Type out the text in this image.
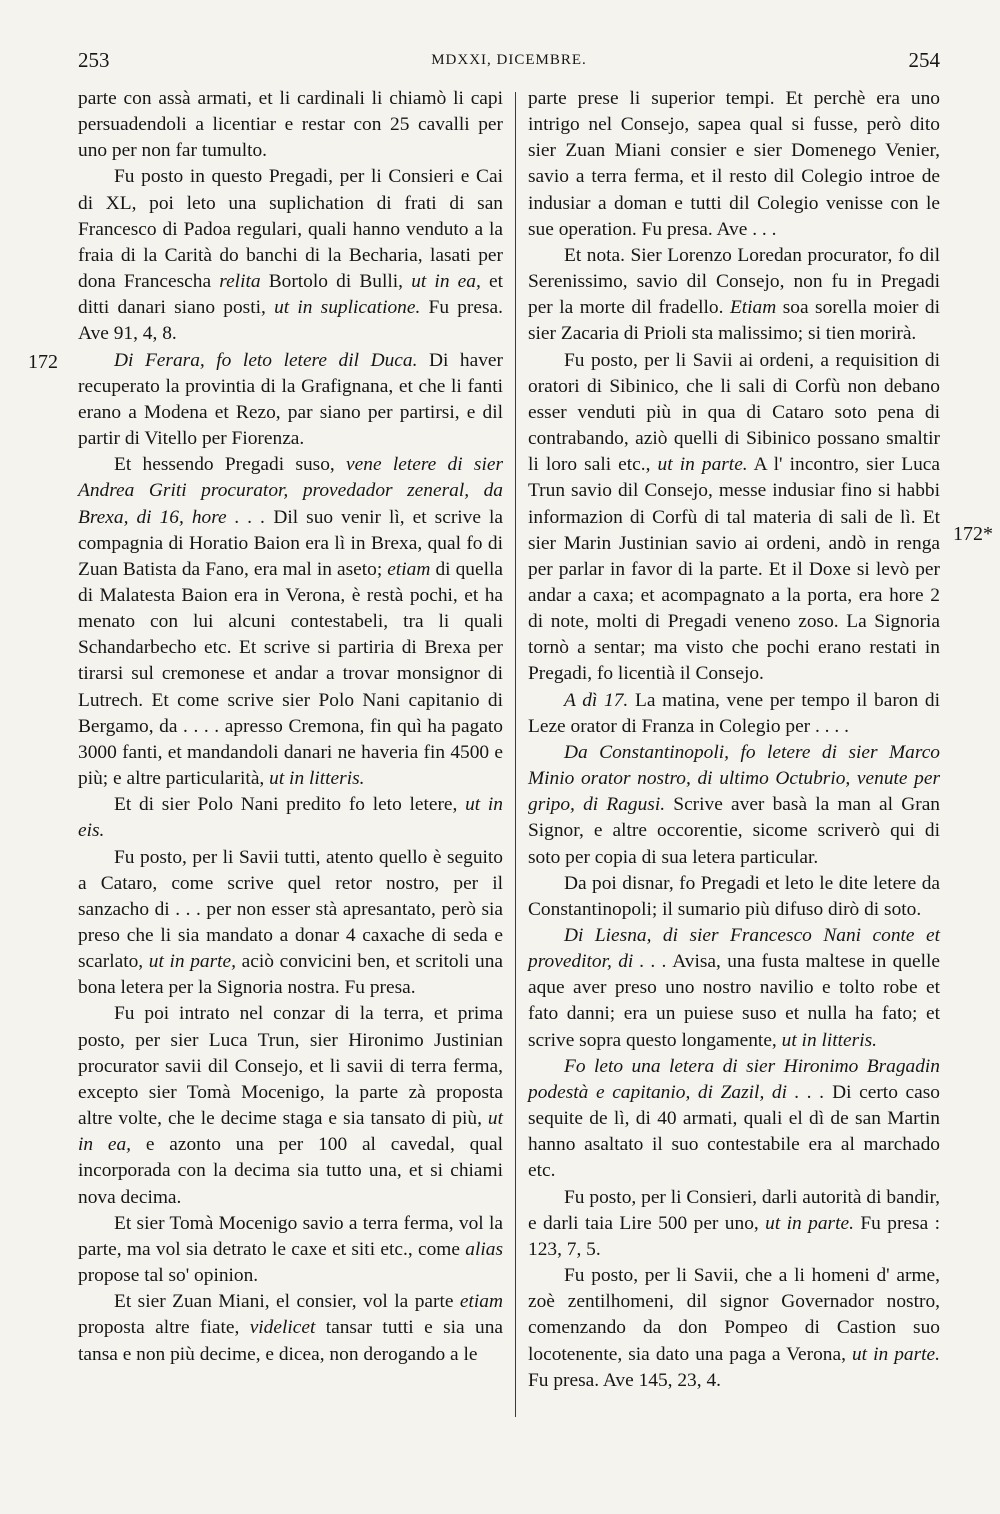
253	MDXXI, DICEMBRE.	254
172
172*

parte con assà armati, et li cardinali li chiamò li capi persuadendoli a licentiar e restar con 25 cavalli per uno per non far tumulto.

Fu posto in questo Pregadi, per li Consieri e Cai di XL, poi leto una suplichation di frati di san Francesco di Padoa regulari, quali hanno venduto a la fraia di la Carità do banchi di la Becharia, lasati per dona Franceschа relita Bortolo di Bulli, ut in ea, et ditti danari siano posti, ut in suplicatione. Fu presa. Ave 91, 4, 8.

Di Ferara, fo leto letere dil Duca. Di haver recuperato la provintia di la Grafignana, et che li fanti erano a Modena et Rezo, par siano per partirsi, e dil partir di Vitello per Fiorenza.

Et hessendo Pregadi suso, vene letere di sier Andrea Griti procurator, provedador zeneral, da Brexa, di 16, hore . . . Dil suo venir lì, et scrive la compagnia di Horatio Baion era lì in Brexa, qual fo di Zuan Batista da Fano, era mal in aseto; etiam di quella di Malatesta Baion era in Verona, è restà pochi, et ha menato con lui alcuni contestabeli, tra li quali Schandarbecho etc. Et scrive si partiria di Brexa per tirarsi sul cremonese et andar a trovar monsignor di Lutrech. Et come scrive sier Polo Nani capitanio di Bergamo, da . . . . apresso Cremona, fin quì ha pagato 3000 fanti, et mandandoli danari ne haveria fin 4500 e più; e altre particularità, ut in litteris.

Et di sier Polo Nani predito fo leto letere, ut in eis.

Fu posto, per li Savii tutti, atento quello è seguito a Cataro, come scrive quel retor nostro, per il sanzacho di . . . per non esser stà apresantato, però sia preso che li sia mandato a donar 4 caxache di seda e scarlato, ut in parte, aciò convicini ben, et scritoli una bona letera per la Signoria nostra. Fu presa.

Fu poi intrato nel conzar di la terra, et prima posto, per sier Luca Trun, sier Hironimo Justinian procurator savii dil Consejo, et li savii di terra ferma, excepto sier Tomà Mocenigo, la parte zà proposta altre volte, che le decime staga e sia tansato di più, ut in ea, e azonto una per 100 al cavedal, qual incorporada con la decima sia tutto una, et si chiami nova decima.

Et sier Tomà Mocenigo savio a terra ferma, vol la parte, ma vol sia detrato le caxe et siti etc., come alias propose tal so' opinion.

Et sier Zuan Miani, el consier, vol la parte etiam proposta altre fiate, videlicet tansar tutti e sia una tansa e non più decime, e dicea, non derogando a le

parte prese li superior tempi. Et perchè era uno intrigo nel Consejo, sapea qual si fusse, però dito sier Zuan Miani consier e sier Domenego Venier, savio a terra ferma, et il resto dil Colegio introe de indusiar a doman e tutti dil Colegio venisse con le sue operation. Fu presa. Ave . . .

Et nota. Sier Lorenzo Loredan procurator, fo dil Serenissimo, savio dil Consejo, non fu in Pregadi per la morte dil fradello. Etiam soa sorella moier di sier Zacaria di Prioli sta malissimo; si tien morirà.

Fu posto, per li Savii ai ordeni, a requisition di oratori di Sibinico, che li sali di Corfù non debano esser venduti più in qua di Cataro soto pena di contrabando, aziò quelli di Sibinico possano smaltir li loro sali etc., ut in parte. A l' incontro, sier Luca Trun savio dil Consejo, messe indusiar fino si habbi informazion di Corfù di tal materia di sali de lì. Et sier Marin Justinian savio ai ordeni, andò in renga per parlar in favor di la parte. Et il Doxe si levò per andar a caxa; et acompagnato a la porta, era hore 2 di note, molti di Pregadi veneno zoso. La Signoria tornò a sentar; ma visto che pochi erano restati in Pregadi, fo licentià il Consejo.

A dì 17. La matina, vene per tempo il baron di Leze orator di Franza in Colegio per . . . .

Da Constantinopoli, fo letere di sier Marco Minio orator nostro, di ultimo Octubrio, venute per gripo, di Ragusi. Scrive aver basà la man al Gran Signor, e altre occorentie, sicome scriverò qui di soto per copia di sua letera particular.

Da poi disnar, fo Pregadi et leto le dite letere da Constantinopoli; il sumario più difuso dirò di soto.

Di Liesna, di sier Francesco Nani conte et proveditor, di . . . Avisa, una fusta maltese in quelle aque aver preso uno nostro navilio e tolto robe et fato danni; era un puiese suso et nulla ha fato; et scrive sopra questo longamente, ut in litteris.

Fo leto una letera di sier Hironimo Bragadin podestà e capitanio, di Zazil, di . . . Di certo caso sequite de lì, di 40 armati, quali el dì de san Martin hanno asaltato il suo contestabile era al marchado etc.

Fu posto, per li Consieri, darli autorità di bandir, e darli taia Lire 500 per uno, ut in parte. Fu presa : 123, 7, 5.

Fu posto, per li Savii, che a li homeni d' arme, zoè zentilhomeni, dil signor Governador nostro, comenzando da don Pompeo di Castion suo locotenente, sia dato una paga a Verona, ut in parte. Fu presa. Ave 145, 23, 4.
